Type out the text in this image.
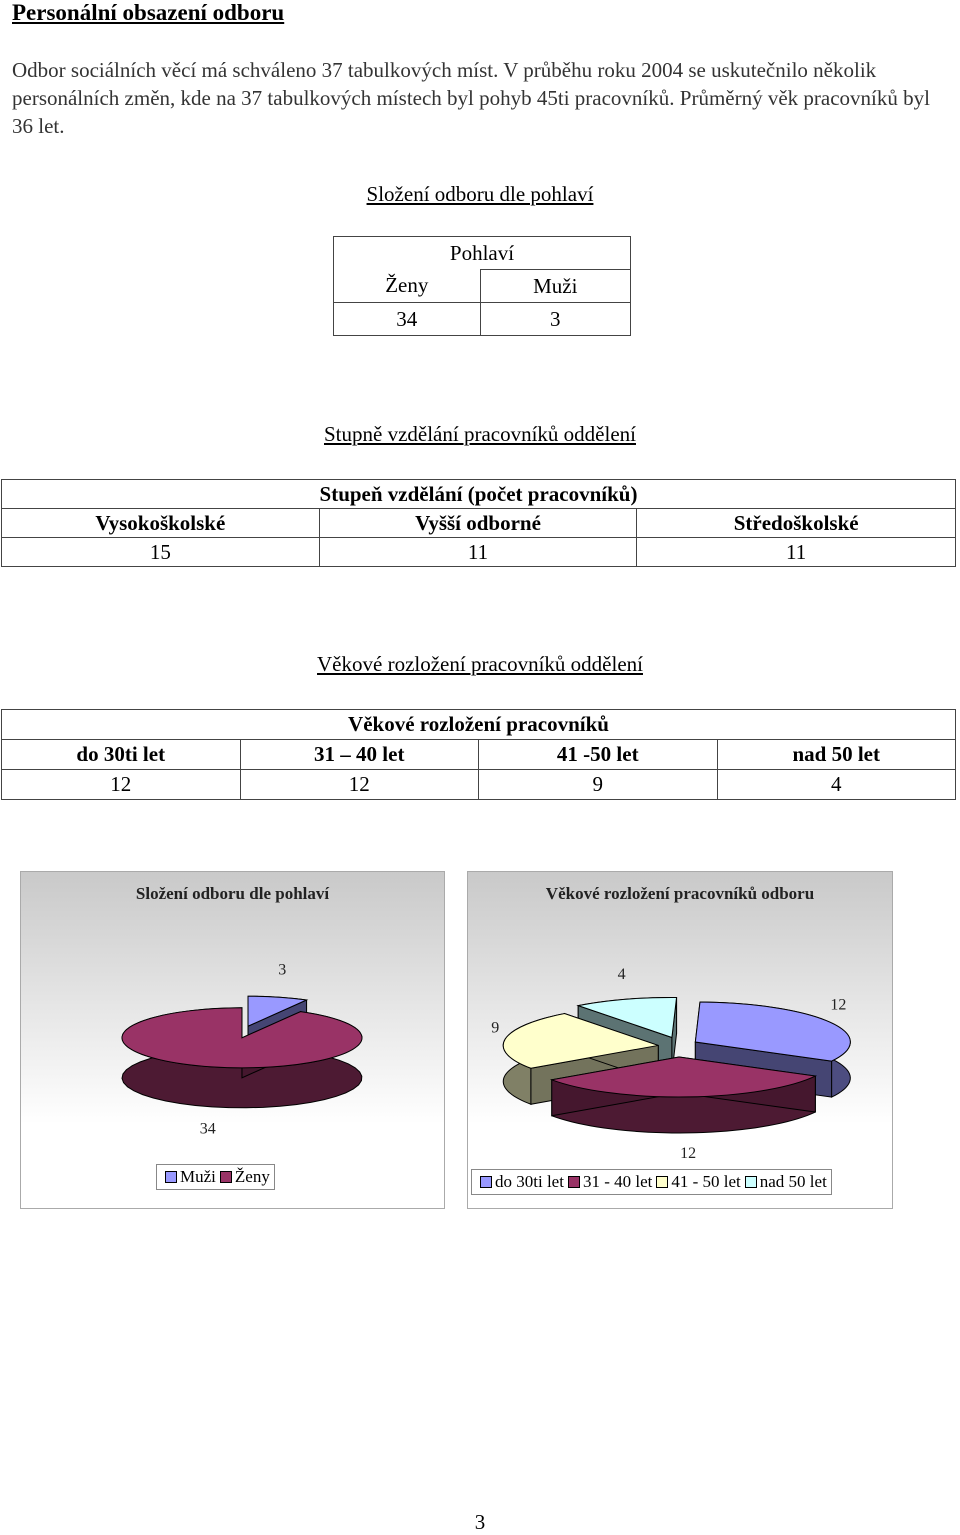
Personální obsazení odboru
Odbor sociálních věcí má schváleno 37 tabulkových míst. V průběhu roku 2004 se uskutečnilo několik personálních změn, kde na 37 tabulkových místech byl pohyb 45ti pracovníků. Průměrný věk pracovníků byl 36 let.
Složení odboru dle pohlaví
Pohlaví	
Ženy	Muži
34	3
Stupně vzdělání pracovníků oddělení
Stupeň vzdělání (počet pracovníků)		
Vysokoškolské	Vyšší odborné	Středoškolské
15	11	11
Věkové rozložení pracovníků oddělení
Věkové rozložení pracovníků			
do 30ti let	31 – 40 let	41 -50 let	nad 50 let
12	12	9	4
Složení odboru dle pohlaví
3
34
Muži Ženy
Věkové rozložení pracovníků odboru
12
12
9
4
do 30ti let 31 - 40 let 41 - 50 let nad 50 let
3
